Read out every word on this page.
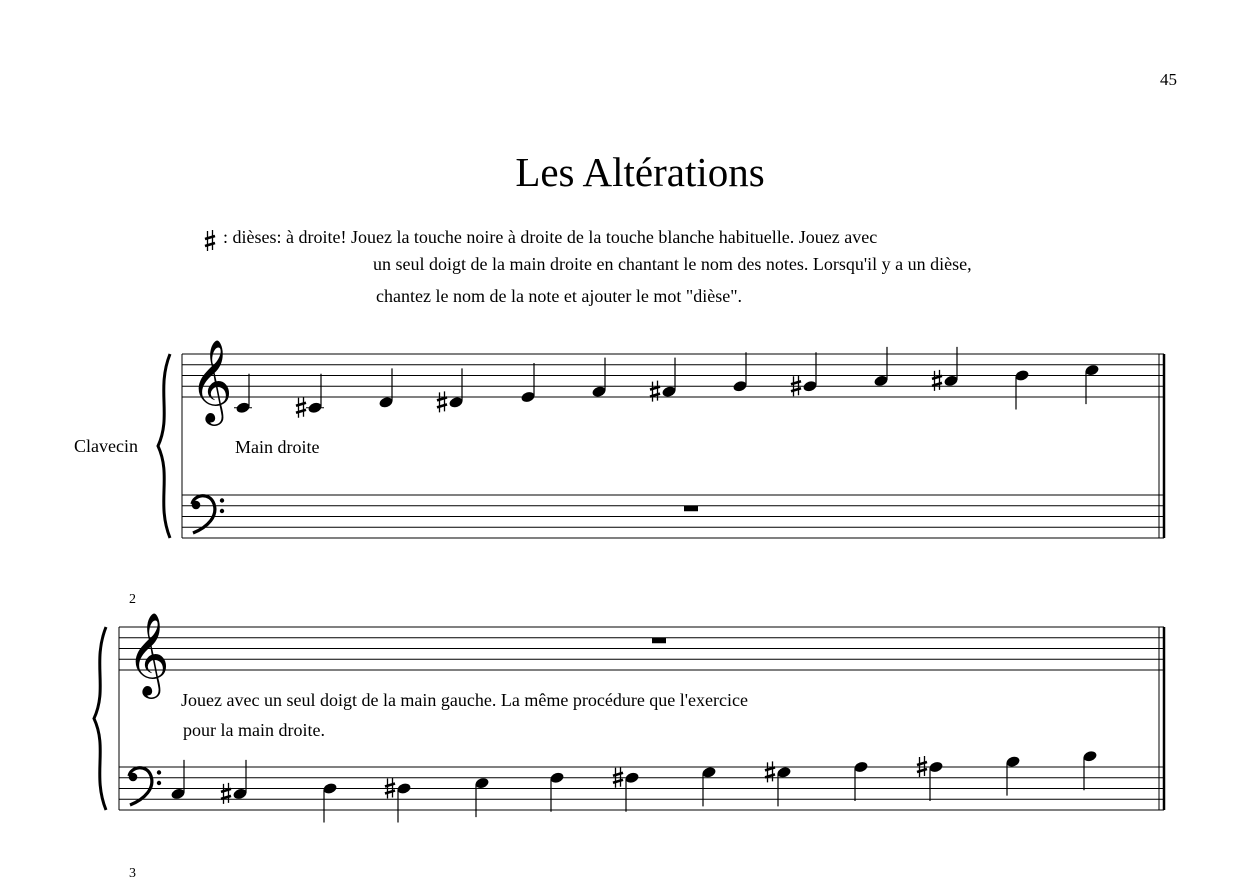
45
Les Altérations
: dièses: à droite! Jouez la touche noire à droite de la touche blanche habituelle. Jouez avec
un seul doigt de la main droite en chantant le nom des notes. Lorsqu'il y a un dièse,
chantez le nom de la note et ajouter le mot "dièse".
Clavecin	Main droite
2
Jouez avec un seul doigt de la main gauche. La même procédure que l'exercice
pour la main droite.
3
𝄞
𝄞
